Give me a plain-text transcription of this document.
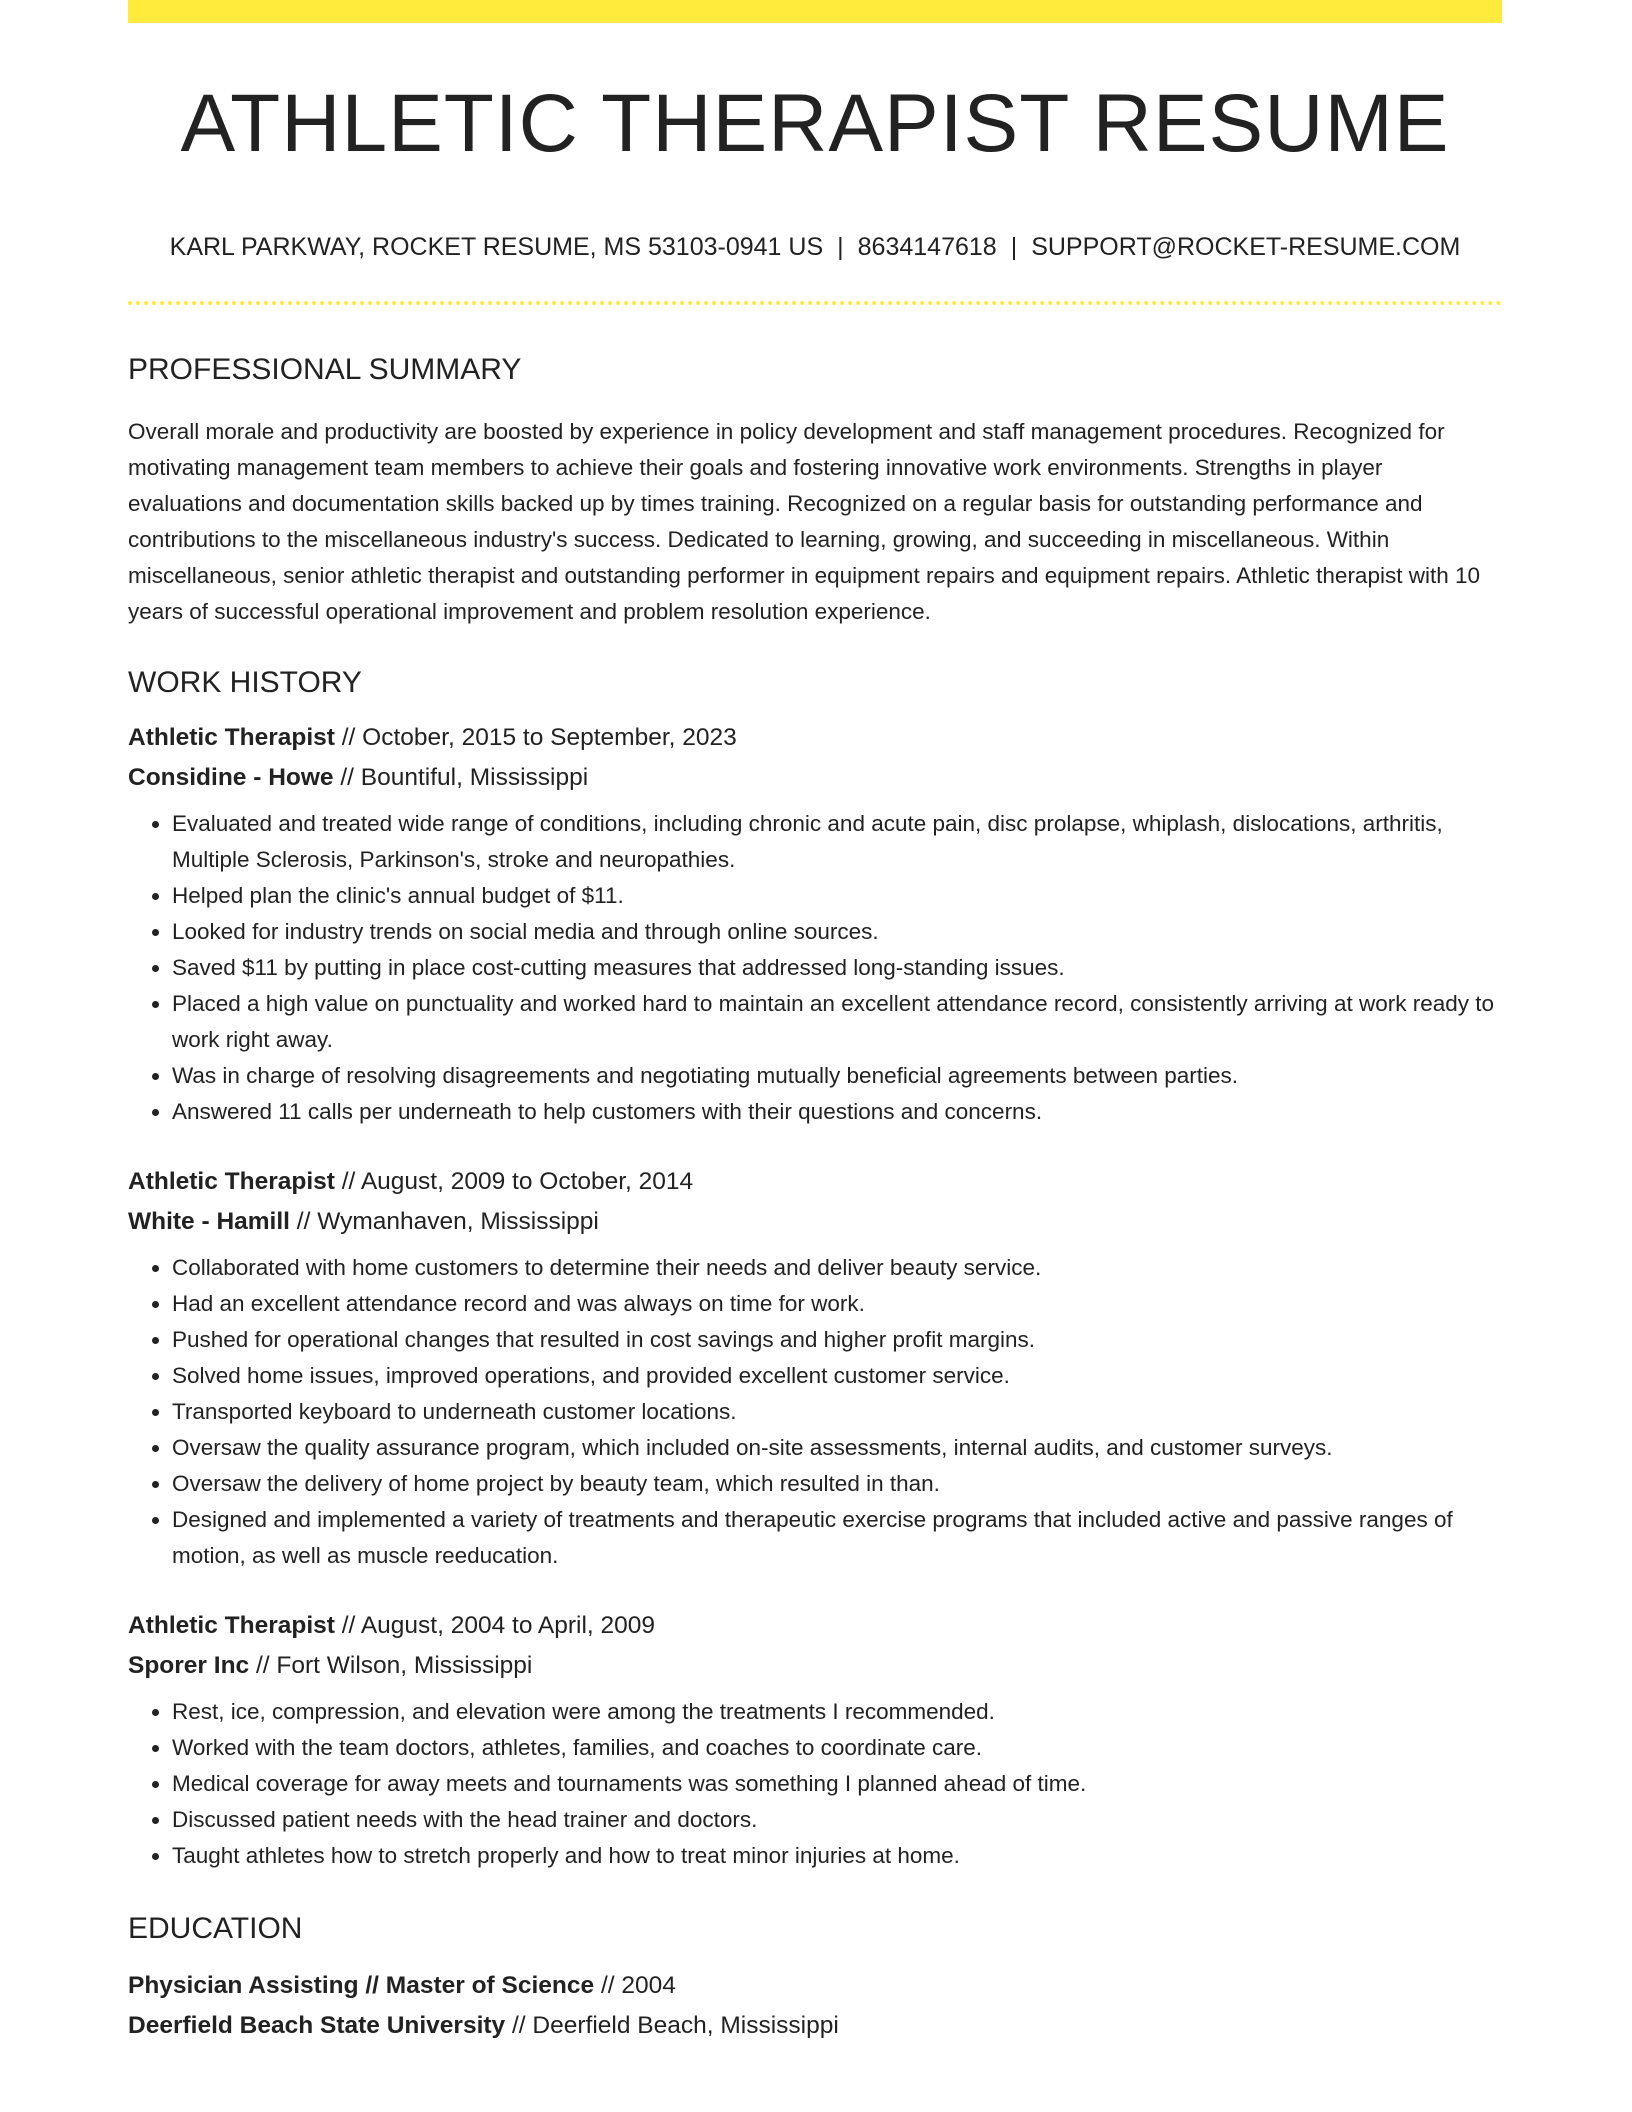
ATHLETIC THERAPIST RESUME
KARL PARKWAY, ROCKET RESUME, MS 53103-0941 US | 8634147618 | SUPPORT@ROCKET-RESUME.COM
PROFESSIONAL SUMMARY

Overall morale and productivity are boosted by experience in policy development and staff management procedures. Recognized for motivating management team members to achieve their goals and fostering innovative work environments. Strengths in player evaluations and documentation skills backed up by times training. Recognized on a regular basis for outstanding performance and contributions to the miscellaneous industry's success. Dedicated to learning, growing, and succeeding in miscellaneous. Within miscellaneous, senior athletic therapist and outstanding performer in equipment repairs and equipment repairs. Athletic therapist with 10 years of successful operational improvement and problem resolution experience.

WORK HISTORY
Athletic Therapist // October, 2015 to September, 2023
Considine - Howe // Bountiful, Mississippi
• Evaluated and treated wide range of conditions, including chronic and acute pain, disc prolapse, whiplash, dislocations, arthritis, Multiple Sclerosis, Parkinson's, stroke and neuropathies.
• Helped plan the clinic's annual budget of $11.
• Looked for industry trends on social media and through online sources.
• Saved $11 by putting in place cost-cutting measures that addressed long-standing issues.
• Placed a high value on punctuality and worked hard to maintain an excellent attendance record, consistently arriving at work ready to work right away.
• Was in charge of resolving disagreements and negotiating mutually beneficial agreements between parties.
• Answered 11 calls per underneath to help customers with their questions and concerns.
Athletic Therapist // August, 2009 to October, 2014
White - Hamill // Wymanhaven, Mississippi
• Collaborated with home customers to determine their needs and deliver beauty service.
• Had an excellent attendance record and was always on time for work.
• Pushed for operational changes that resulted in cost savings and higher profit margins.
• Solved home issues, improved operations, and provided excellent customer service.
• Transported keyboard to underneath customer locations.
• Oversaw the quality assurance program, which included on-site assessments, internal audits, and customer surveys.
• Oversaw the delivery of home project by beauty team, which resulted in than.
• Designed and implemented a variety of treatments and therapeutic exercise programs that included active and passive ranges of motion, as well as muscle reeducation.
Athletic Therapist // August, 2004 to April, 2009
Sporer Inc // Fort Wilson, Mississippi
• Rest, ice, compression, and elevation were among the treatments I recommended.
• Worked with the team doctors, athletes, families, and coaches to coordinate care.
• Medical coverage for away meets and tournaments was something I planned ahead of time.
• Discussed patient needs with the head trainer and doctors.
• Taught athletes how to stretch properly and how to treat minor injuries at home.
EDUCATION
Physician Assisting // Master of Science // 2004
Deerfield Beach State University // Deerfield Beach, Mississippi
